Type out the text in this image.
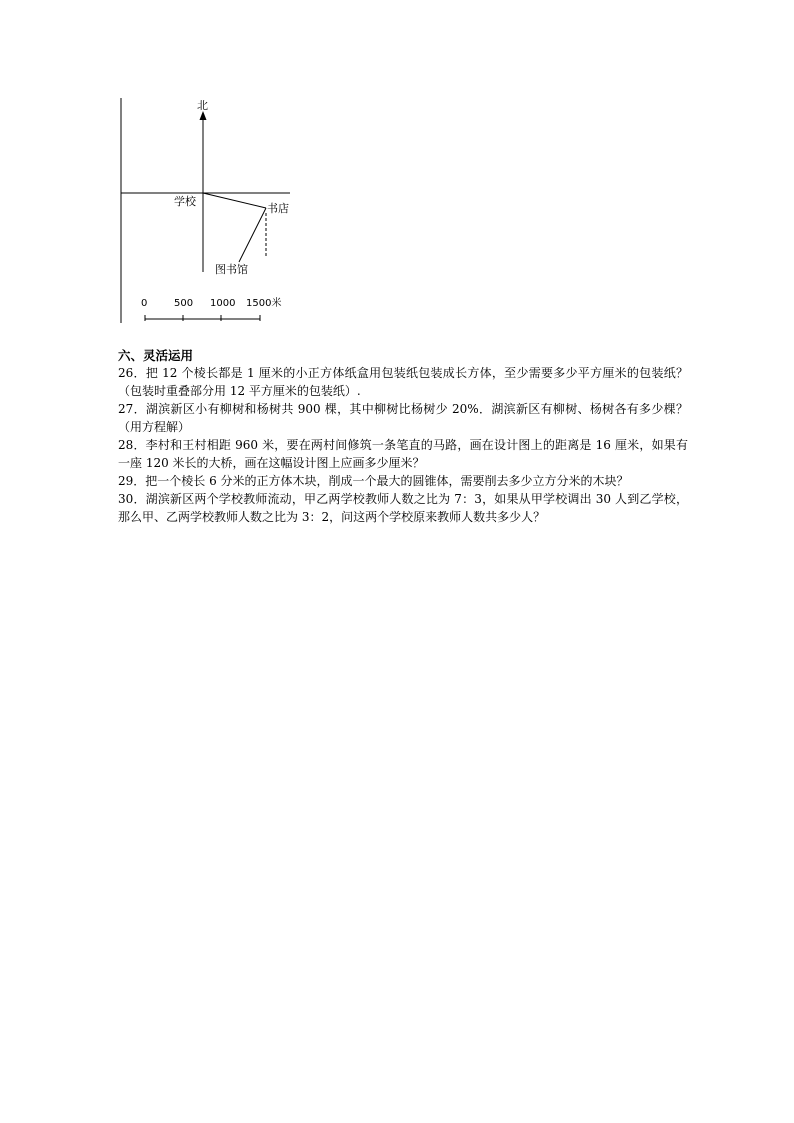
北
学校
书店
图书馆
0	500 1000 1500米

六、灵活运用

26．把 12 个棱长都是 1 厘米的小正方体纸盒用包装纸包装成长方体，至少需要多少平方厘米的包装纸？（包装时重叠部分用 12 平方厘米的包装纸）.

27．湖滨新区小有柳树和杨树共 900 棵，其中柳树比杨树少 20%．湖滨新区有柳树、杨树各有多少棵？（用方程解）

28．李村和王村相距 960 米，要在两村间修筑一条笔直的马路，画在设计图上的距离是 16 厘米，如果有一座 120 米长的大桥，画在这幅设计图上应画多少厘米？

29．把一个棱长 6 分米的正方体木块，削成一个最大的圆锥体，需要削去多少立方分米的木块？

30．湖滨新区两个学校教师流动，甲乙两学校教师人数之比为 7：3，如果从甲学校调出 30 人到乙学校，那么甲、乙两学校教师人数之比为 3：2，问这两个学校原来教师人数共多少人？
